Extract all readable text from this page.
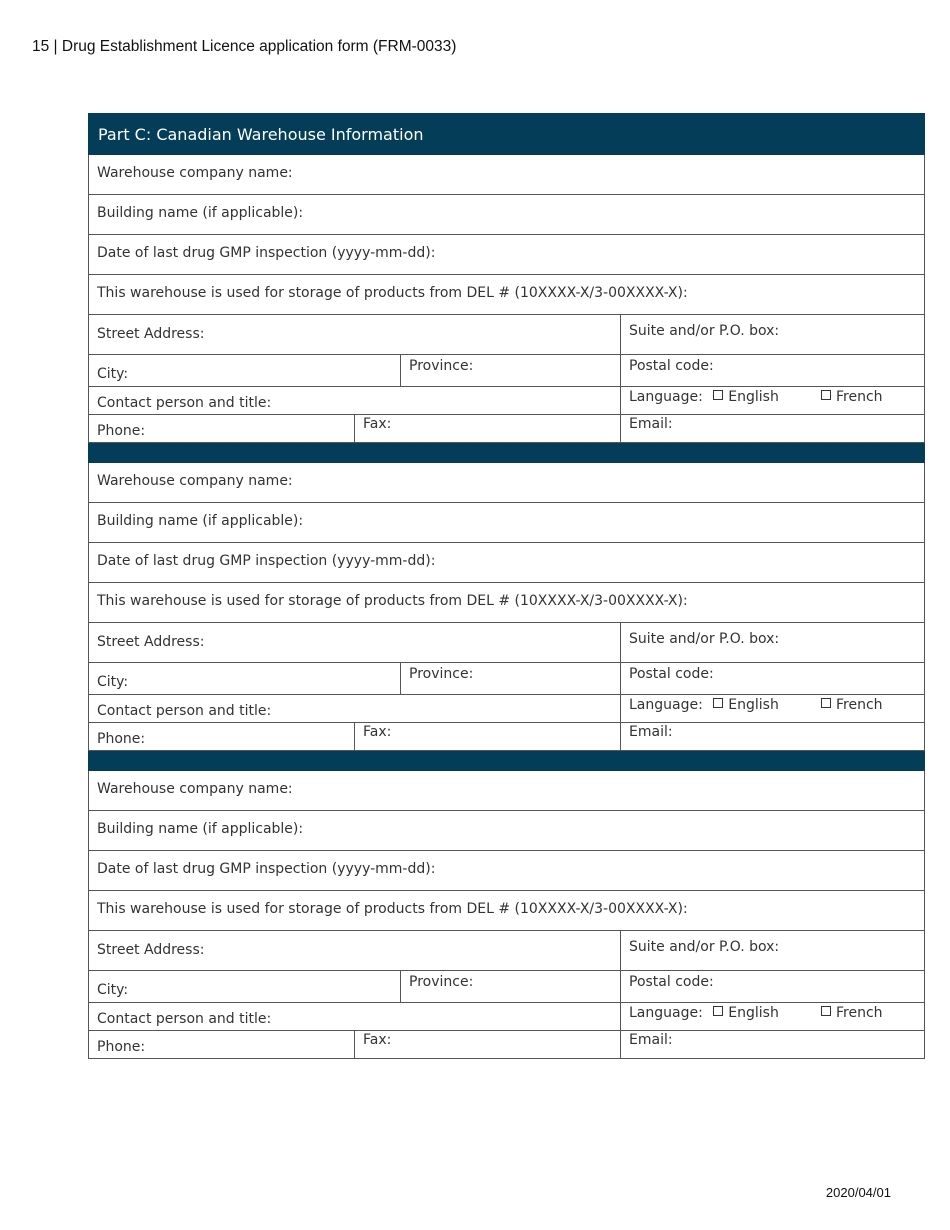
15 | Drug Establishment Licence application form (FRM-0033)
Part C: Canadian Warehouse Information
Warehouse company name:
Building name (if applicable):
Date of last drug GMP inspection (yyyy-mm-dd):
This warehouse is used for storage of products from DEL # (10XXXX-X/3-00XXXX-X):
Street Address:	Suite and/or P.O. box:
City:	Province:	Postal code:
Contact person and title:	Language: English	French
Phone:	Fax:	Email:
Warehouse company name:
Building name (if applicable):
Date of last drug GMP inspection (yyyy-mm-dd):
This warehouse is used for storage of products from DEL # (10XXXX-X/3-00XXXX-X):
Street Address:	Suite and/or P.O. box:
City:	Province:	Postal code:
Contact person and title:	Language: English	French
Phone:	Fax:	Email:
Warehouse company name:
Building name (if applicable):
Date of last drug GMP inspection (yyyy-mm-dd):
This warehouse is used for storage of products from DEL # (10XXXX-X/3-00XXXX-X):
Street Address:	Suite and/or P.O. box:
City:	Province:	Postal code:
Contact person and title:	Language: English	French
Phone:	Fax:	Email:
2020/04/01
